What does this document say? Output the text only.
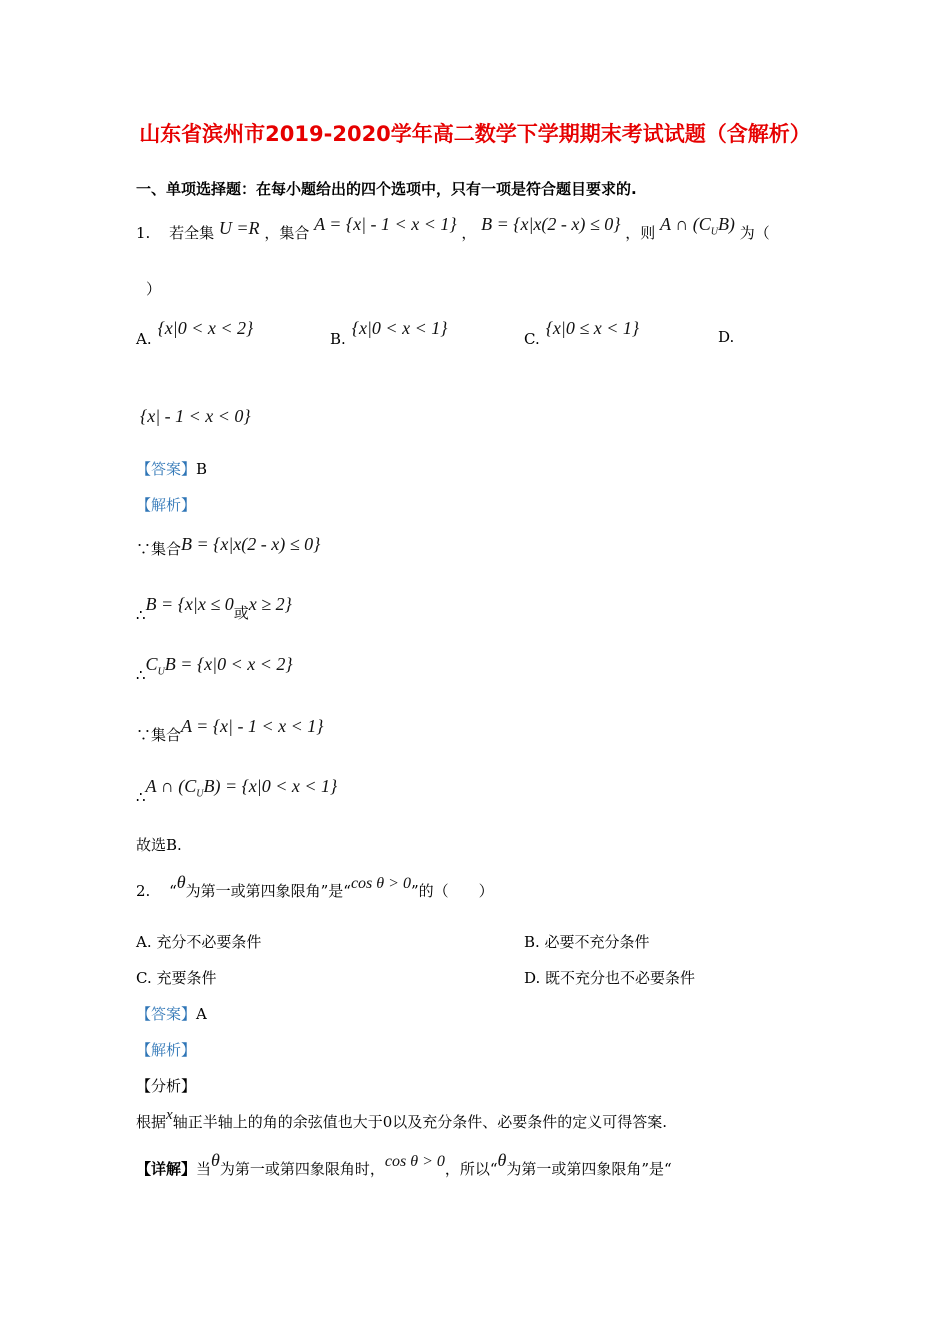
山东省滨州市2019-2020学年高二数学下学期期末考试试题（含解析）
一、单项选择题：在每小题给出的四个选项中，只有一项是符合题目要求的.
1. 若全集 U =R ，集合 A = {x| - 1 < x < 1} ， B = {x|x(2 - x) ≤ 0} ，则 A ∩ $(C_UB)$ 为（
）
A.{x|0 < x < 2}
B.{x|0 < x < 1}
C.{x|0 ≤ x < 1}	D.
{x| - 1 < x < 0}
【答案】B
【解析】
∵集合B = {x|x(2 - x) ≤ 0}
∴B = {x|x ≤ 0或x ≥ 2}
$\therefore C_UB = \{x|0 < x < 2\}$
∵集合A = {x| - 1 < x < 1}
∴A ∩ $(C_UB) = \{x|0 < x < 1\}$
故选B.
2. “θ为第一或第四象限角”是“cos θ > 0”的（　　）
A. 充分不必要条件	B. 必要不充分条件
C. 充要条件	D. 既不充分也不必要条件
【答案】A
【解析】
【分析】
根据x轴正半轴上的角的余弦值也大于0以及充分条件、必要条件的定义可得答案.
【详解】当θ为第一或第四象限角时，cos θ > 0，所以“θ为第一或第四象限角”是“
